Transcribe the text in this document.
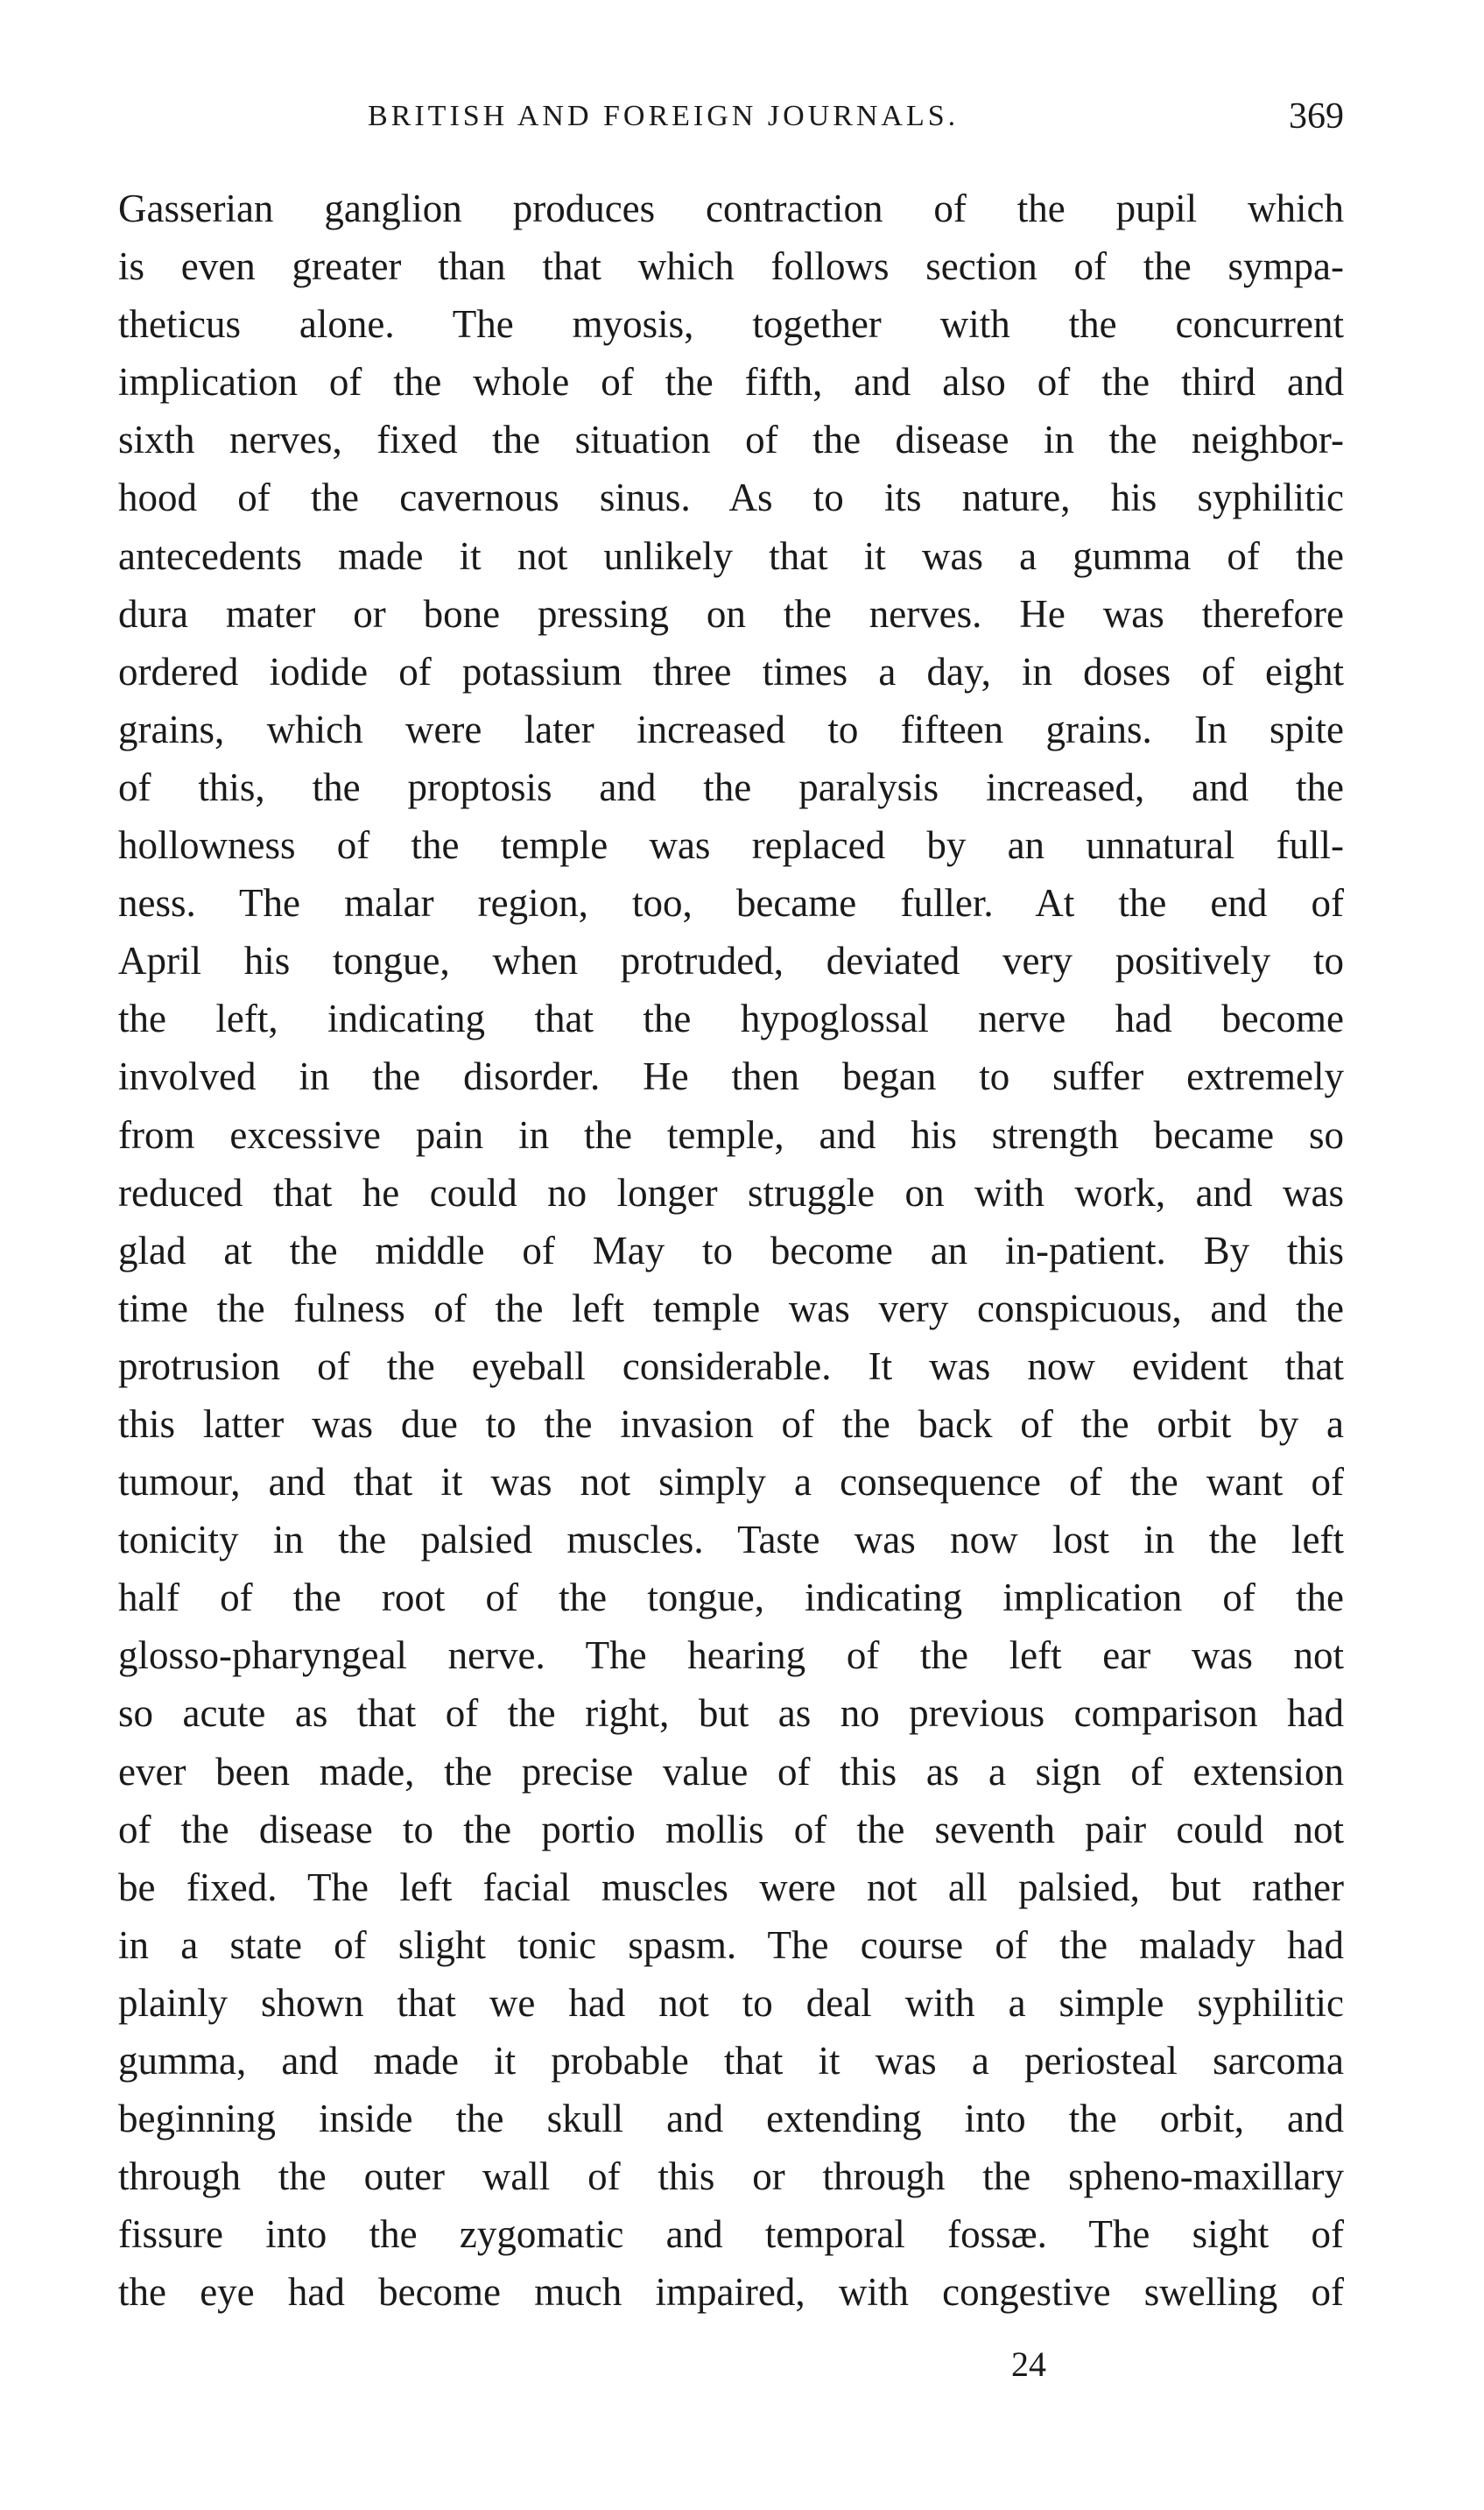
BRITISH AND FOREIGN JOURNALS.	369
Gasserian ganglion produces contraction of the pupil which
is even greater than that which follows section of the sympa-
theticus alone. The myosis, together with the concurrent
implication of the whole of the fifth, and also of the third and
sixth nerves, fixed the situation of the disease in the neighbor-
hood of the cavernous sinus. As to its nature, his syphilitic
antecedents made it not unlikely that it was a gumma of the
dura mater or bone pressing on the nerves. He was therefore
ordered iodide of potassium three times a day, in doses of eight
grains, which were later increased to fifteen grains. In spite
of this, the proptosis and the paralysis increased, and the
hollowness of the temple was replaced by an unnatural full-
ness. The malar region, too, became fuller. At the end of
April his tongue, when protruded, deviated very positively to
the left, indicating that the hypoglossal nerve had become
involved in the disorder. He then began to suffer extremely
from excessive pain in the temple, and his strength became so
reduced that he could no longer struggle on with work, and was
glad at the middle of May to become an in-patient. By this
time the fulness of the left temple was very conspicuous, and the
protrusion of the eyeball considerable. It was now evident that
this latter was due to the invasion of the back of the orbit by a
tumour, and that it was not simply a consequence of the want of
tonicity in the palsied muscles. Taste was now lost in the left
half of the root of the tongue, indicating implication of the
glosso-pharyngeal nerve. The hearing of the left ear was not
so acute as that of the right, but as no previous comparison had
ever been made, the precise value of this as a sign of extension
of the disease to the portio mollis of the seventh pair could not
be fixed. The left facial muscles were not all palsied, but rather
in a state of slight tonic spasm. The course of the malady had
plainly shown that we had not to deal with a simple syphilitic
gumma, and made it probable that it was a periosteal sarcoma
beginning inside the skull and extending into the orbit, and
through the outer wall of this or through the spheno-maxillary
fissure into the zygomatic and temporal fossæ. The sight of
the eye had become much impaired, with congestive swelling of
24
